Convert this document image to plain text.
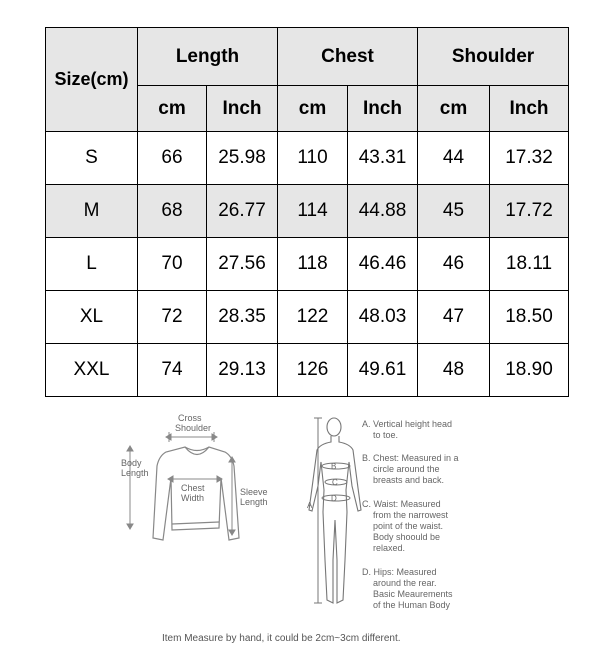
Size(cm)	Length		Chest		Shoulder	
	cm	Inch	cm	Inch	cm	Inch
S	66	25.98	110	43.31	44	17.32
M	68	26.77	114	44.88	45	17.72
L	70	27.56	118	46.46	46	18.11
XL	72	28.35	122	48.03	47	18.50
XXL	74	29.13	126	49.61	48	18.90
Cross
Shoulder
Body
Length
Chest
Width
Sleeve
Length	A
B
C
D
A. Vertical height head
to toe.
B. Chest: Measured in a
circle around the
breasts and back.
C. Waist: Measured
from the narrowest
point of the waist.
Body shoould be
relaxed.
D. Hips: Measured
around the rear.
Basic Meaurements
of the Human Body
Item Measure by hand, it could be 2cm~3cm different.
